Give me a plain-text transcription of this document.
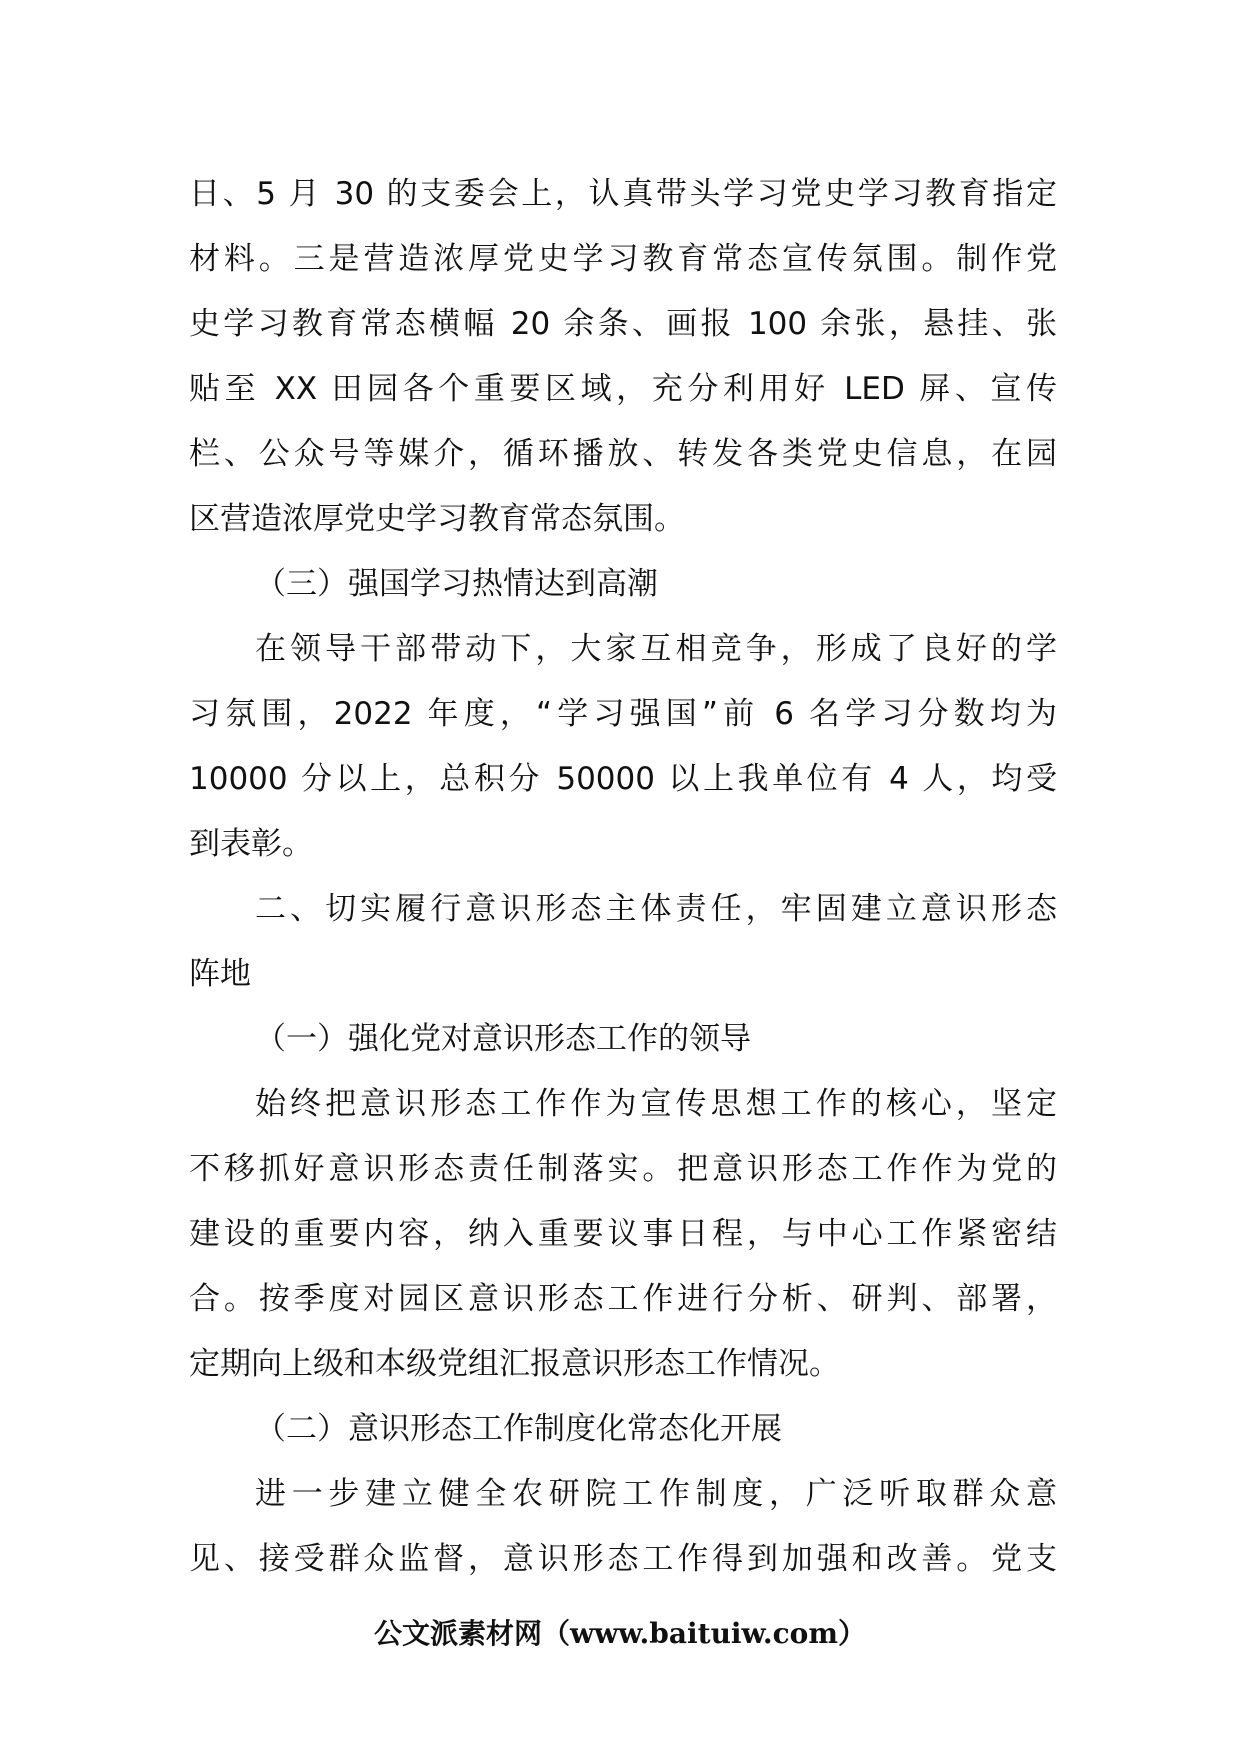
日、5 月 30 的支委会上，认真带头学习党史学习教育指定
材料。三是营造浓厚党史学习教育常态宣传氛围。制作党
史学习教育常态横幅 20 余条、画报 100 余张，悬挂、张
贴至 XX 田园各个重要区域，充分利用好 LED 屏、宣传
栏、公众号等媒介，循环播放、转发各类党史信息，在园
区营造浓厚党史学习教育常态氛围。
（三）强国学习热情达到高潮
在领导干部带动下，大家互相竞争，形成了良好的学
习氛围，2022 年度，“学习强国”前 6 名学习分数均为
10000 分以上，总积分 50000 以上我单位有 4 人，均受
到表彰。
二、切实履行意识形态主体责任，牢固建立意识形态
阵地
（一）强化党对意识形态工作的领导
始终把意识形态工作作为宣传思想工作的核心，坚定
不移抓好意识形态责任制落实。把意识形态工作作为党的
建设的重要内容，纳入重要议事日程，与中心工作紧密结
合。按季度对园区意识形态工作进行分析、研判、部署，
定期向上级和本级党组汇报意识形态工作情况。
（二）意识形态工作制度化常态化开展
进一步建立健全农研院工作制度，广泛听取群众意
见、接受群众监督，意识形态工作得到加强和改善。党支
公文派素材网（www.baituiw.com）
